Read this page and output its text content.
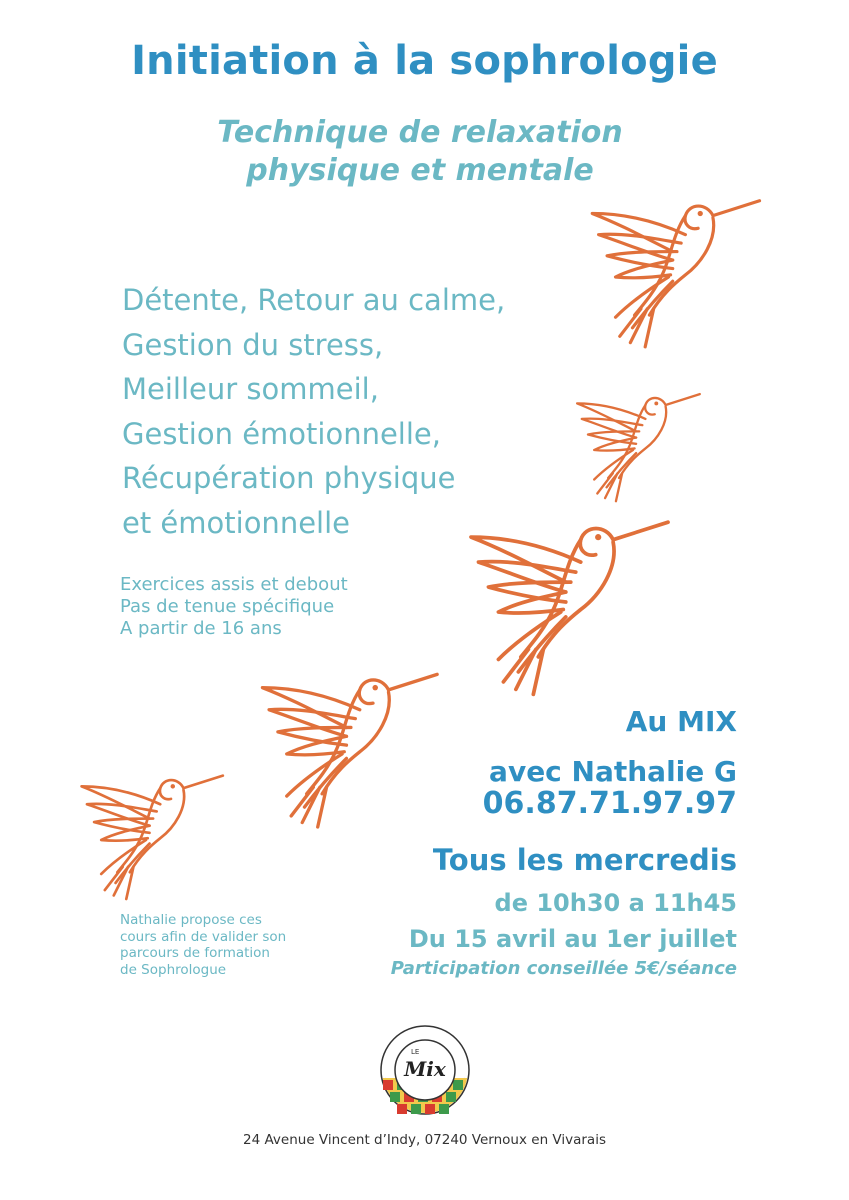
Initiation à la sophrologie
Technique de relaxation
physique et mentale
Détente, Retour au calme,
Gestion du stress,
Meilleur sommeil,
Gestion émotionnelle,
Récupération physique
et émotionnelle
Exercices assis et debout
Pas de tenue spécifique
A partir de 16 ans
Au MIX
avec Nathalie G
06.87.71.97.97
Tous les mercredis
de 10h30 a 11h45
Du 15 avril au 1er juillet
Participation conseillée 5€/séance
Nathalie propose ces
cours afin de valider son
parcours de formation
de Sophrologue
LE
Mix
24 Avenue Vincent d’Indy, 07240 Vernoux en Vivarais
